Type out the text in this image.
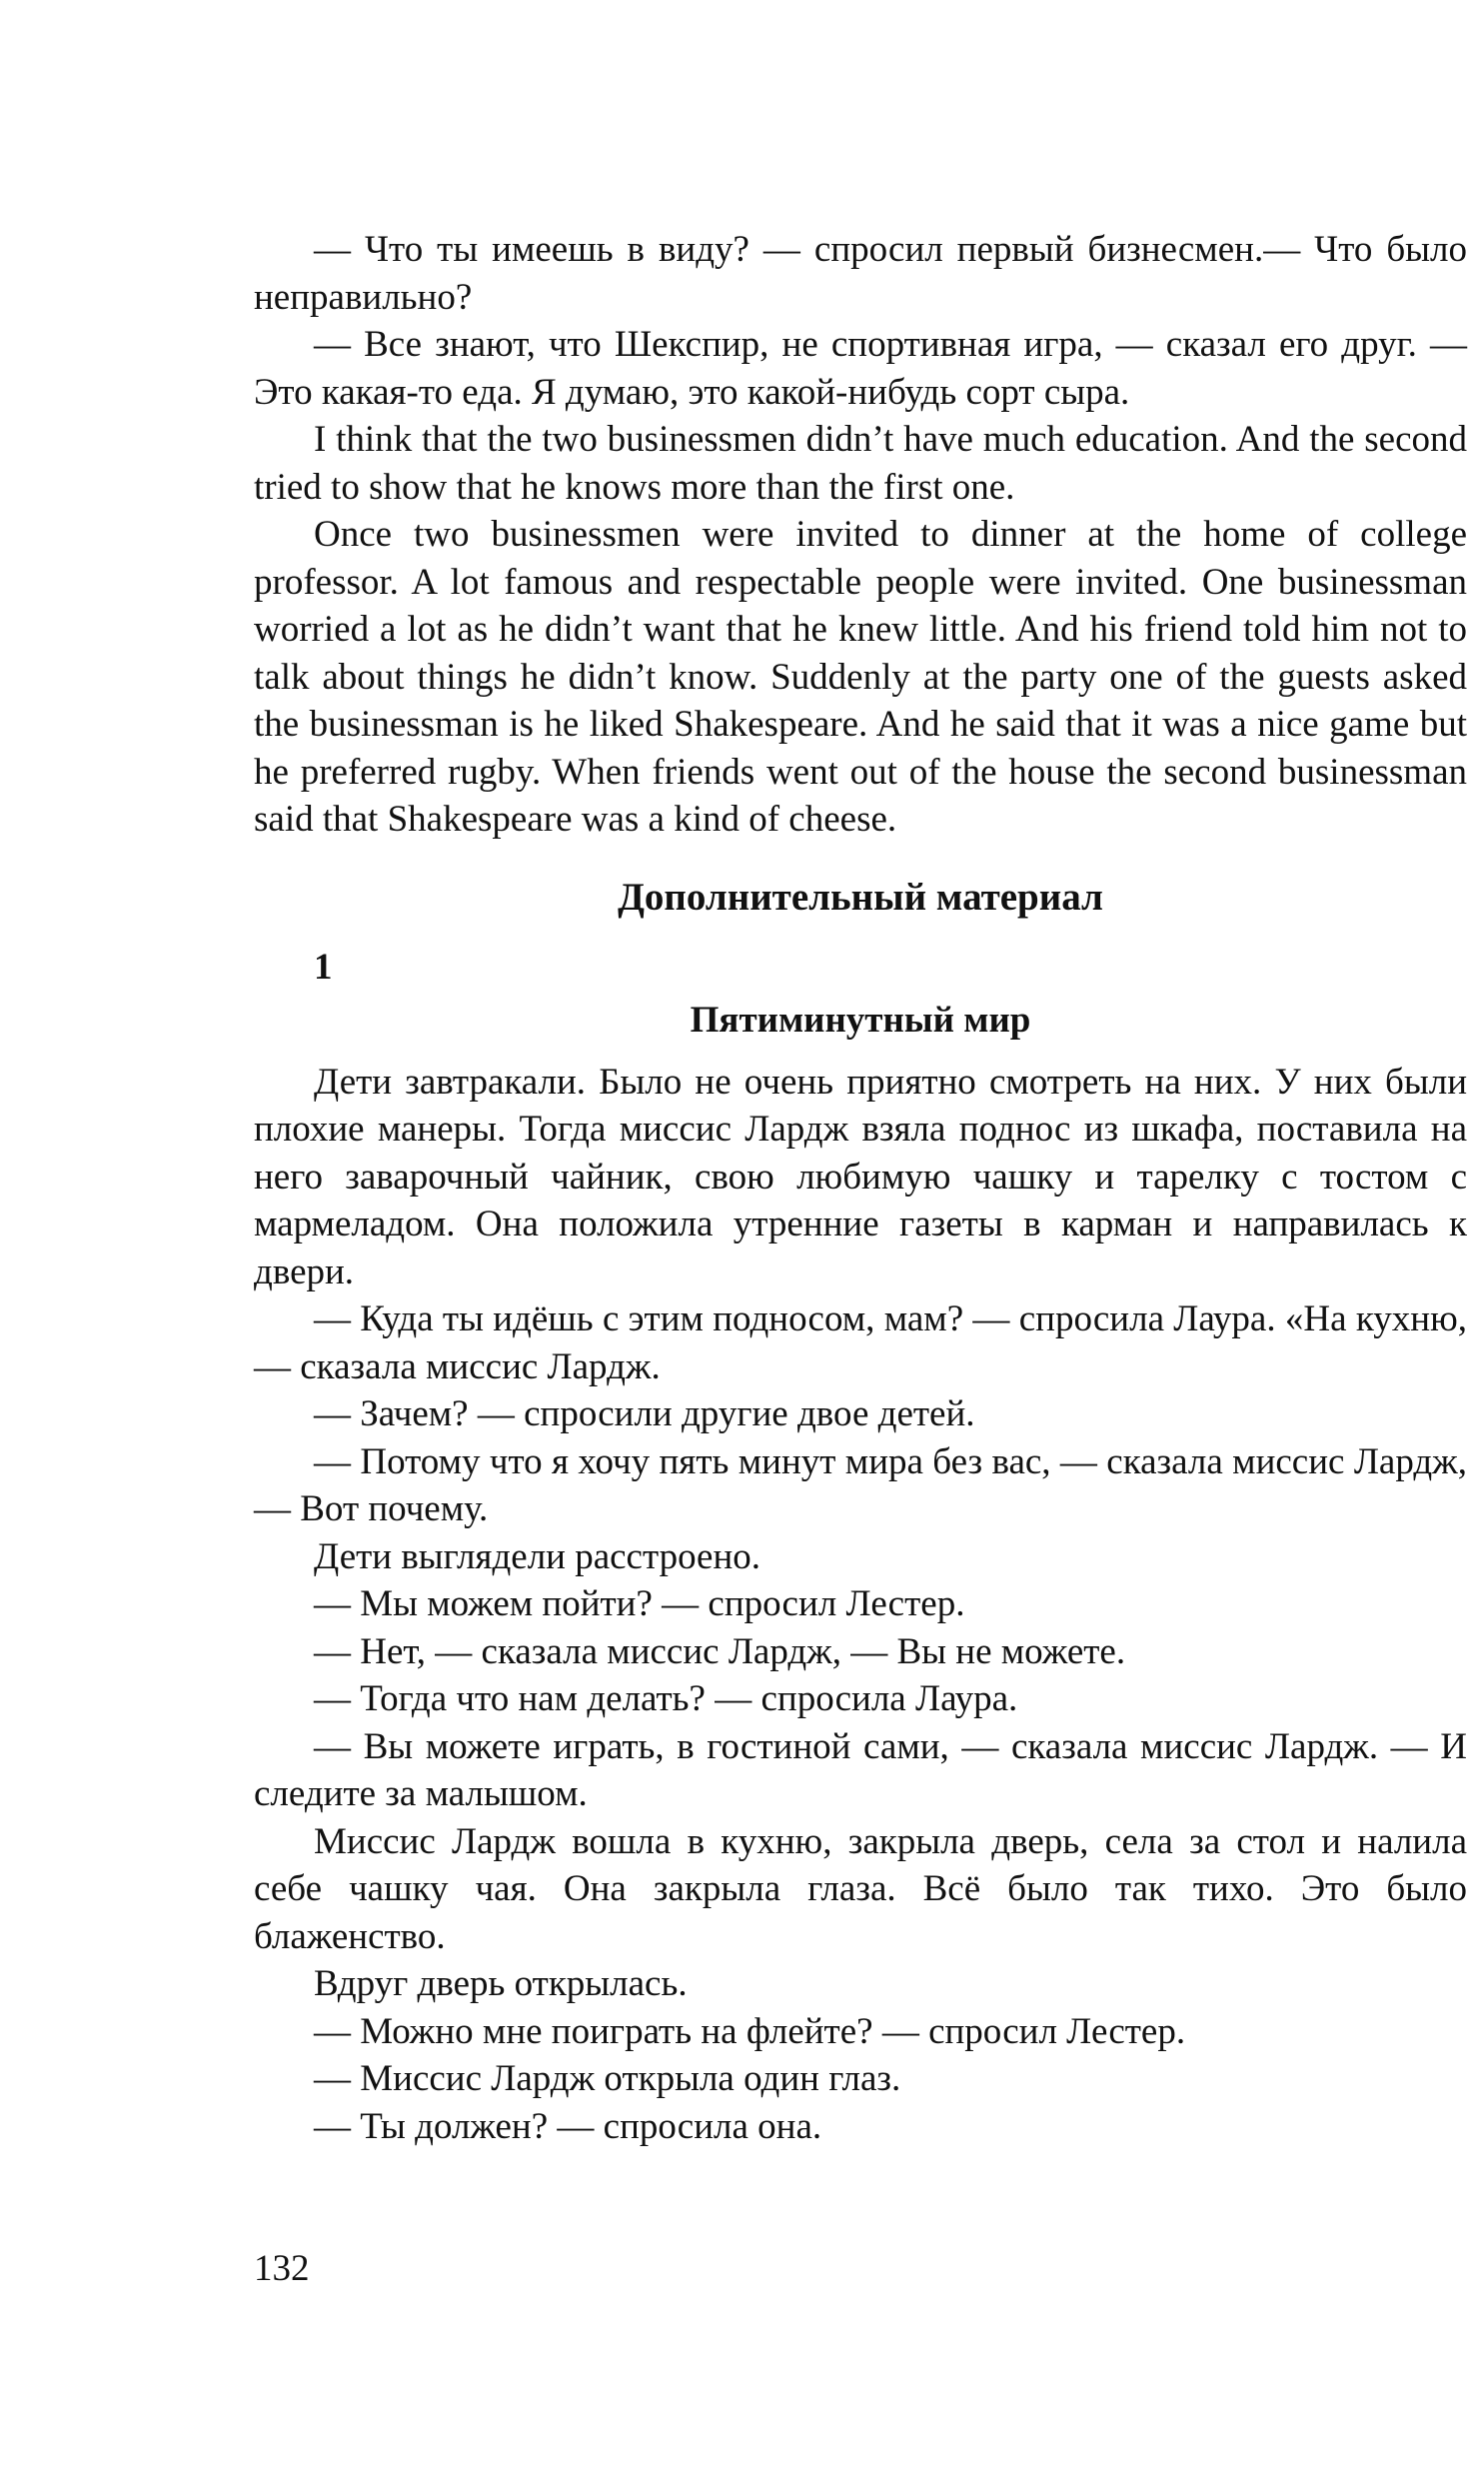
— Что ты имеешь в виду? — спросил первый бизнесмен.— Что было неправильно?

— Все знают, что Шекспир, не спортивная игра, — сказал его друг. — Это какая-то еда. Я думаю, это какой-нибудь сорт сыра.

I think that the two businessmen didn’t have much education. And the second tried to show that he knows more than the first one.

Once two businessmen were invited to dinner at the home of college professor. A lot famous and respectable people were invited. One businessman worried a lot as he didn’t want that he knew little. And his friend told him not to talk about things he didn’t know. Suddenly at the party one of the guests asked the businessman is he liked Shakespeare. And he said that it was a nice game but he preferred rugby. When friends went out of the house the second businessman said that Shakespeare was a kind of cheese.

Дополнительный материал
1
Пятиминутный мир

Дети завтракали. Было не очень приятно смотреть на них. У них были плохие манеры. Тогда миссис Лардж взяла поднос из шкафа, поставила на него заварочный чайник, свою любимую чашку и тарелку с тостом с мармеладом. Она положила утренние газеты в карман и направилась к двери.

— Куда ты идёшь с этим подносом, мам? — спросила Лаура. «На кухню, — сказала миссис Лардж.

— Зачем? — спросили другие двое детей.

— Потому что я хочу пять минут мира без вас, — сказала миссис Лардж, — Вот почему.

Дети выглядели расстроено.

— Мы можем пойти? — спросил Лестер.

— Нет, — сказала миссис Лардж, — Вы не можете.

— Тогда что нам делать? — спросила Лаура.

— Вы можете играть, в гостиной сами, — сказала миссис Лардж. — И следите за малышом.

Миссис Лардж вошла в кухню, закрыла дверь, села за стол и налила себе чашку чая. Она закрыла глаза. Всё было так тихо. Это было блаженство.

Вдруг дверь открылась.

— Можно мне поиграть на флейте? — спросил Лестер.

— Миссис Лардж открыла один глаз.

— Ты должен? — спросила она.

132
